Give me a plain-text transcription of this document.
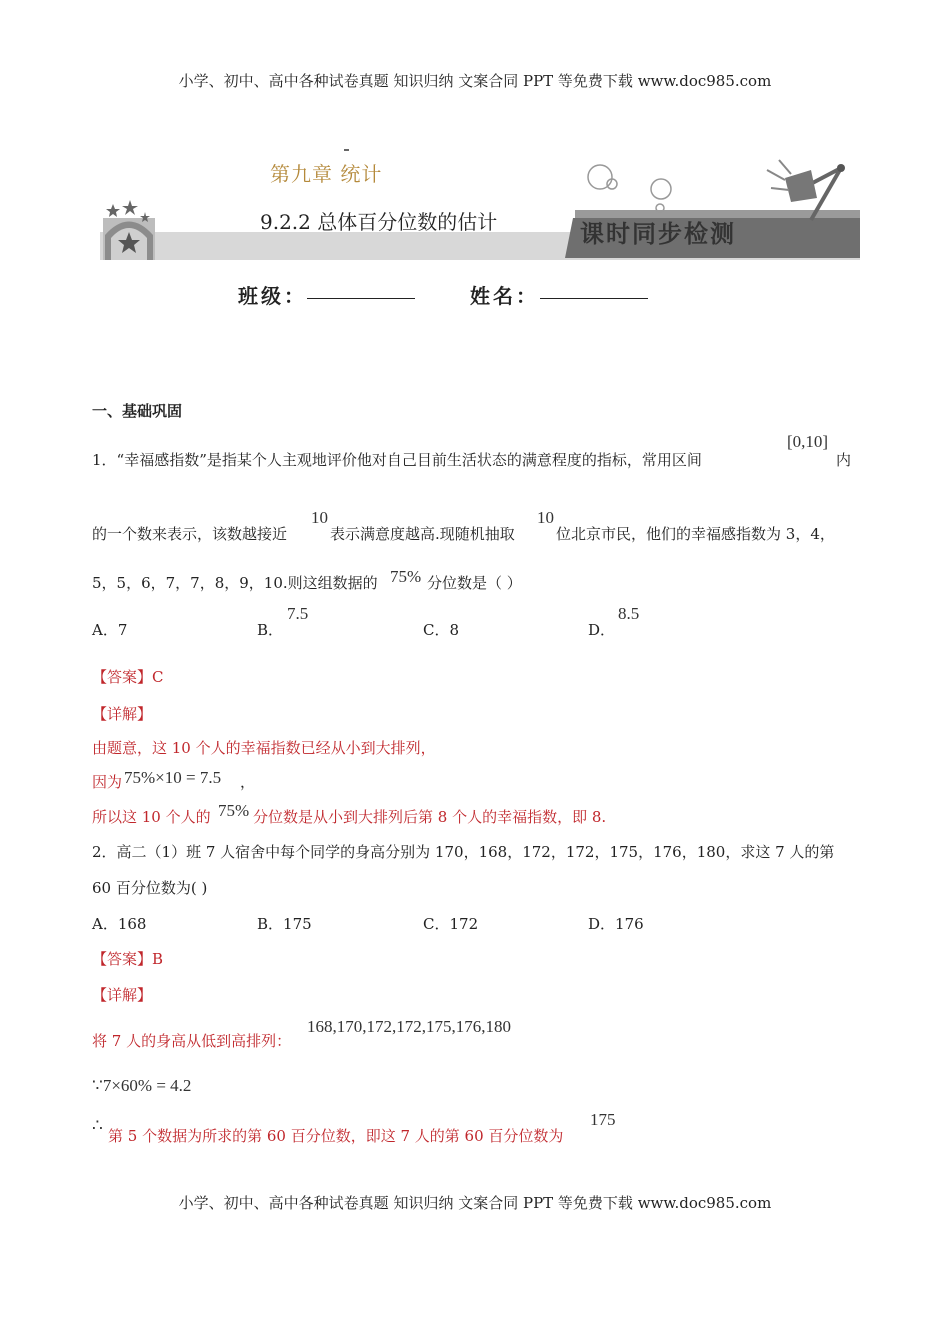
小学、初中、高中各种试卷真题 知识归纳 文案合同 PPT 等免费下载 www.doc985.com
小学、初中、高中各种试卷真题 知识归纳 文案合同 PPT 等免费下载 www.doc985.com
第九章 统计
9.2.2 总体百分位数的估计	课时同步检测
班级：	姓名：
一、基础巩固
1．“幸福感指数”是指某个人主观地评价他对自己目前生活状态的满意程度的指标，常用区间
[0,10]
内
的一个数来表示，该数越接近
10
表示满意度越高.现随机抽取
10
位北京市民，他们的幸福感指数为 3，4，
5，5，6，7，7，8，9，10.则这组数据的 75% 分位数是（ ）
A．7	B．
7.5
C．8	D．
8.5
【答案】C
【详解】
由题意，这 10 个人的幸福指数已经从小到大排列，
因为 75%×10 = 7.5 ，
所以这 10 个人的 75% 分位数是从小到大排列后第 8 个人的幸福指数，即 8.
2．高二（1）班 7 人宿舍中每个同学的身高分别为 170，168，172，172，175，176，180，求这 7 人的第
60 百分位数为( )
A．168	B．175	C．172	D．176
【答案】B
【详解】
将 7 人的身高从低到高排列：
168,170,172,172,175,176,180
∵7×60% = 4.2
∴
第 5 个数据为所求的第 60 百分位数，即这 7 人的第 60 百分位数为
175
